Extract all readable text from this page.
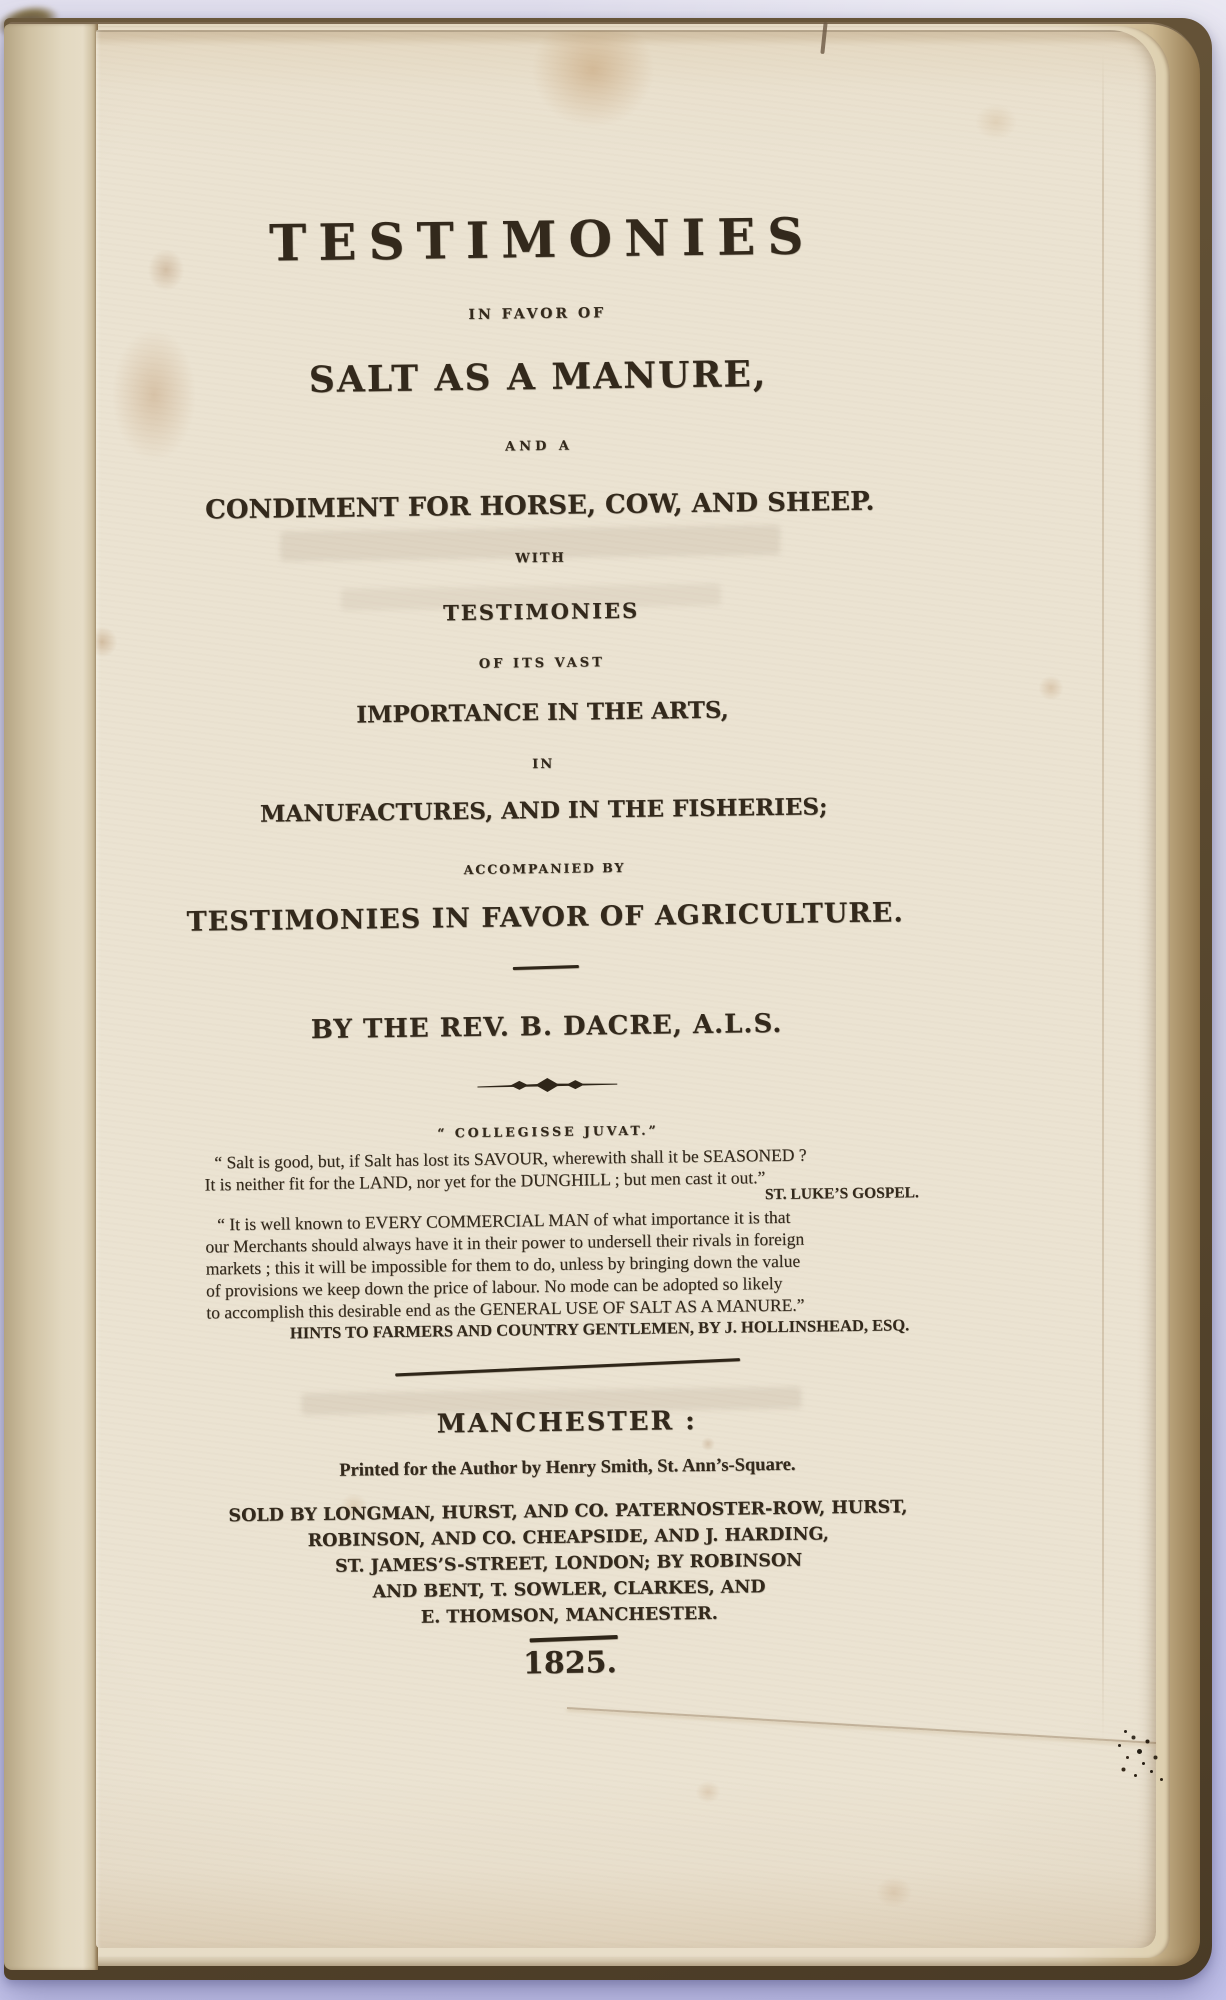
TESTIMONIES
IN FAVOR OF
SALT AS A MANURE,
AND A
CONDIMENT FOR HORSE, COW, AND SHEEP.
WITH
TESTIMONIES
OF ITS VAST
IMPORTANCE IN THE ARTS,
IN
MANUFACTURES, AND IN THE FISHERIES;
ACCOMPANIED BY
TESTIMONIES IN FAVOR OF AGRICULTURE.
BY THE REV. B. DACRE, A.L.S.
“ COLLEGISSE JUVAT.”
“ Salt is good, but, if Salt has lost its SAVOUR, wherewith shall it be SEASONED ?
It is neither fit for the LAND, nor yet for the DUNGHILL ; but men cast it out.” ST. LUKE’S GOSPEL.
“ It is well known to EVERY COMMERCIAL MAN of what importance it is that
our Merchants should always have it in their power to undersell their rivals in foreign
markets ; this it will be impossible for them to do, unless by bringing down the value
of provisions we keep down the price of labour. No mode can be adopted so likely
to accomplish this desirable end as the GENERAL USE OF SALT AS A MANURE.”
HINTS TO FARMERS AND COUNTRY GENTLEMEN, BY J. HOLLINSHEAD, ESQ.
MANCHESTER :
Printed for the Author by Henry Smith, St. Ann’s-Square.
SOLD BY LONGMAN, HURST, AND CO. PATERNOSTER-ROW, HURST,
ROBINSON, AND CO. CHEAPSIDE, AND J. HARDING,
ST. JAMES’S-STREET, LONDON; BY ROBINSON
AND BENT, T. SOWLER, CLARKES, AND
E. THOMSON, MANCHESTER.
1825.
